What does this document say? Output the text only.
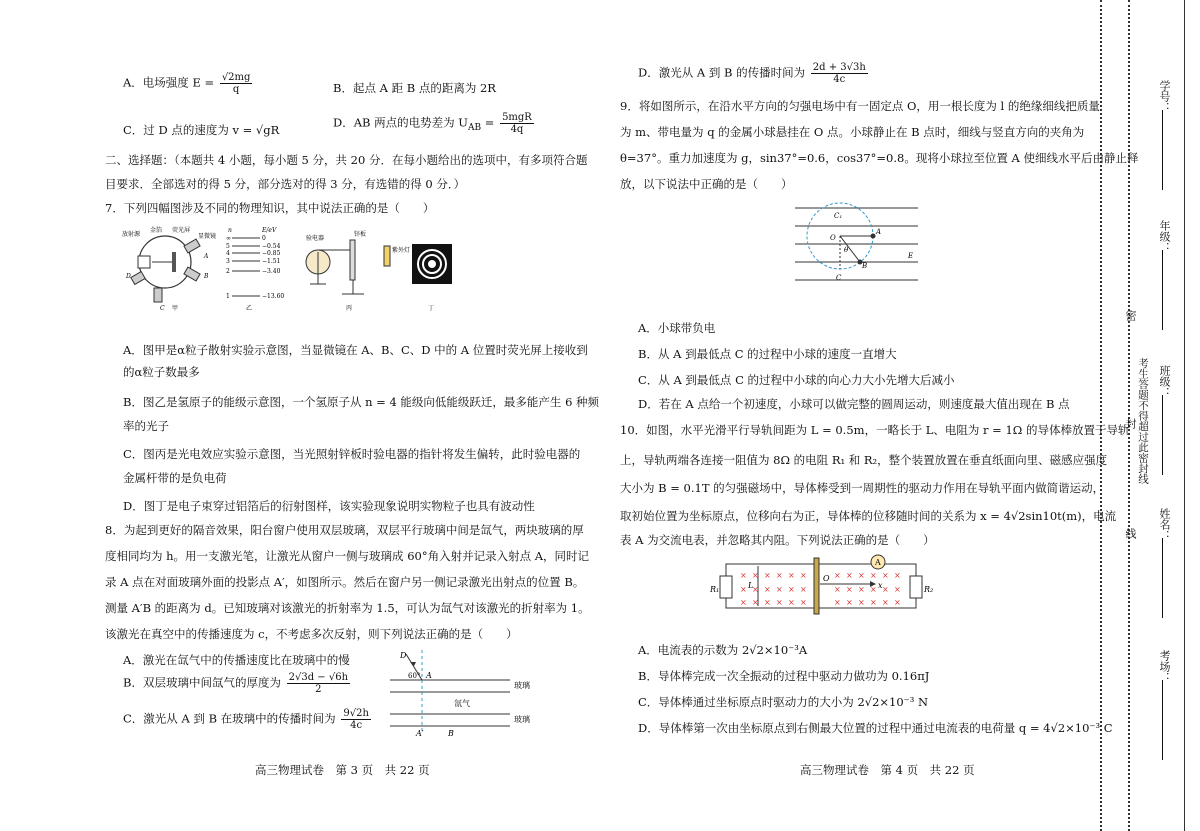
A．电场强度 $E = \frac{√2mg}{q}$	B．起点 A 距 B 点的距离为 2R
C．过 D 点的速度为 v = √gR
D．AB 两点的电势差为 $U_{AB} = \frac{\text{5mgR}}{4q}$
二、选择题：（本题共 4 小题，每小题 5 分，共 20 分．在每小题给出的选项中，有多项符合题
目要求．全部选对的得 5 分，部分选对的得 3 分，有选错的得 0 分．）
7．下列四幅图涉及不同的物理知识，其中说法正确的是（　　）
放射源
金箔 荧光屏
显微镜
A
B
C
D
甲
n	E/eV
∞	0
5	−0.54
4	−0.85
3	−1.51
2	−3.40
1	−13.60
乙
验电器
锌板
紫外灯
丙	丁
A．图甲是α粒子散射实验示意图，当显微镜在 A、B、C、D 中的 A 位置时荧光屏上接收到
的α粒子数最多
B．图乙是氢原子的能级示意图，一个氢原子从 n = 4 能级向低能级跃迁，最多能产生 6 种频
率的光子
C．图丙是光电效应实验示意图，当光照射锌板时验电器的指针将发生偏转，此时验电器的
金属杆带的是负电荷
D．图丁是电子束穿过铝箔后的衍射图样，该实验现象说明实物粒子也具有波动性
8．为起到更好的隔音效果，阳台窗户使用双层玻璃，双层平行玻璃中间是氙气，两块玻璃的厚
度相同均为 h。用一支激光笔，让激光从窗户一侧与玻璃成 60°角入射并记录入射点 A，同时记
录 A 点在对面玻璃外面的投影点 A′，如图所示。然后在窗户另一侧记录激光出射点的位置 B。
测量 A′B 的距离为 d。已知玻璃对该激光的折射率为 1.5，可认为氙气对该激光的折射率为 1。
该激光在真空中的传播速度为 c，不考虑多次反射，则下列说法正确的是（　　）
A．激光在氙气中的传播速度比在玻璃中的慢
B．双层玻璃中间氙气的厚度为 $\frac{2√3d - √6h}{2}$
C．激光从 A 到 B 在玻璃中的传播时间为 $\frac{9√2h}{4c}$
D
60° A
A′	B
玻璃
氙气
玻璃
高三物理试卷　第 3 页　共 22 页
D．激光从 A 到 B 的传播时间为 $\frac{2d + 3√3h}{4c}$
9．将如图所示，在沿水平方向的匀强电场中有一固定点 O，用一根长度为 l 的绝缘细线把质量
为 m、带电量为 q 的金属小球悬挂在 O 点。小球静止在 B 点时，细线与竖直方向的夹角为
θ=37°。重力加速度为 g，sin37°=0.6，cos37°=0.8。现将小球拉至位置 A 使细线水平后由静止释
放，以下说法中正确的是（　　）
C₁
O
θ
A
B
C
E
A．小球带负电
B．从 A 到最低点 C 的过程中小球的速度一直增大
C．从 A 到最低点 C 的过程中小球的向心力大小先增大后减小
D．若在 A 点给一个初速度，小球可以做完整的圆周运动，则速度最大值出现在 B 点
10．如图，水平光滑平行导轨间距为 L = 0.5m，一略长于 L、电阻为 r = 1Ω 的导体棒放置于导轨
上，导轨两端各连接一阻值为 8Ω 的电阻 R₁ 和 R₂，整个装置放置在垂直纸面向里、磁感应强度
大小为 B = 0.1T 的匀强磁场中，导体棒受到一周期性的驱动力作用在导轨平面内做简谐运动，
取初始位置为坐标原点，位移向右为正，导体棒的位移随时间的关系为 x = 4√2sin10t(m)，电流
表 A 为交流电表，并忽略其内阻。下列说法正确的是（　　）
A
× × × × × ×
× × × × × ×
× × × × × ×
× × × × × ×
× × × × × ×
× × × × × ×
R₁	R₂
L
O
x
A．电流表的示数为 2√2×10⁻³A
B．导体棒完成一次全振动的过程中驱动力做功为 0.16πJ
C．导体棒通过坐标原点时驱动力的大小为 2√2×10⁻³ N
D．导体棒第一次由坐标原点到右侧最大位置的过程中通过电流表的电荷量 q = 4√2×10⁻³ C
高三物理试卷　第 4 页　共 22 页
学号：
年级：
班级：
姓名：
考场：
密
封
线
考生答题不得超过此密封线
